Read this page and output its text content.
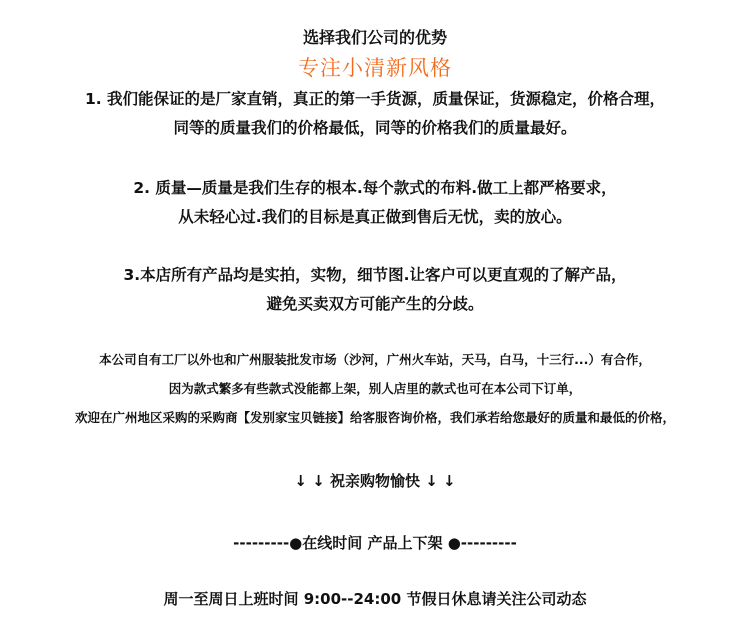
选择我们公司的优势
专注小清新风格
1. 我们能保证的是厂家直销，真正的第一手货源，质量保证，货源稳定，价格合理，
同等的质量我们的价格最低，同等的价格我们的质量最好。
2. 质量—质量是我们生存的根本.每个款式的布料.做工上都严格要求，
从未轻心过.我们的目标是真正做到售后无忧，卖的放心。
3.本店所有产品均是实拍，实物，细节图.让客户可以更直观的了解产品，
避免买卖双方可能产生的分歧。
本公司自有工厂以外也和广州服装批发市场（沙河，广州火车站，天马，白马，十三行...）有合作，
因为款式繁多有些款式没能都上架，别人店里的款式也可在本公司下订单，
欢迎在广州地区采购的采购商【发别家宝贝链接】给客服咨询价格，我们承若给您最好的质量和最低的价格，
↓ ↓ 祝亲购物愉快 ↓ ↓
---------●在线时间 产品上下架 ●---------
周一至周日上班时间 9:00--24:00 节假日休息请关注公司动态
